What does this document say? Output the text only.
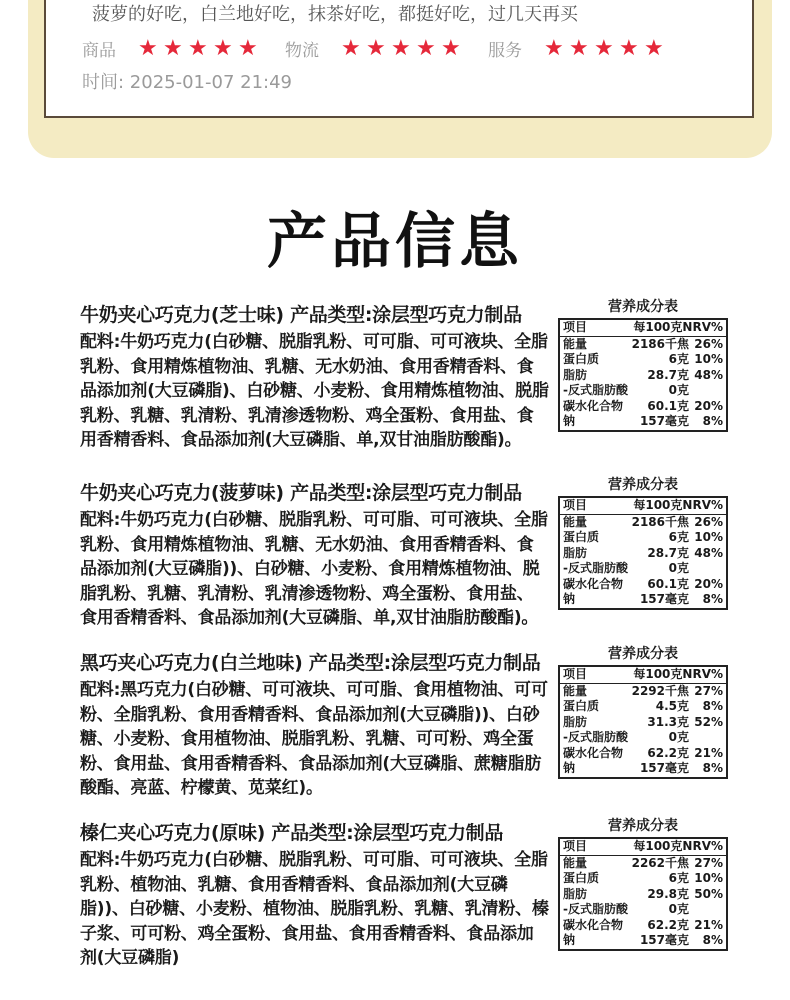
菠萝的好吃，白兰地好吃，抹茶好吃，都挺好吃，过几天再买
商品 ★ ★ ★ ★ ★	物流 ★ ★ ★ ★ ★	服务 ★ ★ ★ ★ ★
时间: 2025-01-07 21:49
产品信息
牛奶夹心巧克力(芝士味) 产品类型:涂层型巧克力制品
配料:牛奶巧克力(白砂糖、脱脂乳粉、可可脂、可可液块、全脂乳粉、食用精炼植物油、乳糖、无水奶油、食用香精香料、食品添加剂(大豆磷脂)、白砂糖、小麦粉、食用精炼植物油、脱脂乳粉、乳糖、乳清粉、乳清渗透物粉、鸡全蛋粉、食用盐、食用香精香料、食品添加剂(大豆磷脂、单,双甘油脂肪酸酯)。
牛奶夹心巧克力(菠萝味) 产品类型:涂层型巧克力制品
配料:牛奶巧克力(白砂糖、脱脂乳粉、可可脂、可可液块、全脂乳粉、食用精炼植物油、乳糖、无水奶油、食用香精香料、食品添加剂(大豆磷脂))、白砂糖、小麦粉、食用精炼植物油、脱脂乳粉、乳糖、乳清粉、乳清渗透物粉、鸡全蛋粉、食用盐、食用香精香料、食品添加剂(大豆磷脂、单,双甘油脂肪酸酯)。
黑巧夹心巧克力(白兰地味) 产品类型:涂层型巧克力制品
配料:黑巧克力(白砂糖、可可液块、可可脂、食用植物油、可可粉、全脂乳粉、食用香精香料、食品添加剂(大豆磷脂))、白砂糖、小麦粉、食用植物油、脱脂乳粉、乳糖、可可粉、鸡全蛋粉、食用盐、食用香精香料、食品添加剂(大豆磷脂、蔗糖脂肪酸酯、亮蓝、柠檬黄、苋菜红)。
榛仁夹心巧克力(原味) 产品类型:涂层型巧克力制品
配料:牛奶巧克力(白砂糖、脱脂乳粉、可可脂、可可液块、全脂乳粉、植物油、乳糖、食用香精香料、食品添加剂(大豆磷脂))、白砂糖、小麦粉、植物油、脱脂乳粉、乳糖、乳清粉、榛子浆、可可粉、鸡全蛋粉、食用盐、食用香精香料、食品添加剂(大豆磷脂)
营养成分表
项目	每100克 NRV%
能量	2186千焦 26%
蛋白质	6克 10%
脂肪	28.7克 48%
-反式脂肪酸	0克
碳水化合物	60.1克 20%
钠	157毫克	8%
营养成分表
项目	每100克 NRV%
能量	2186千焦 26%
蛋白质	6克 10%
脂肪	28.7克 48%
-反式脂肪酸	0克
碳水化合物	60.1克 20%
钠	157毫克	8%
营养成分表
项目	每100克 NRV%
能量	2292千焦 27%
蛋白质	4.5克	8%
脂肪	31.3克 52%
-反式脂肪酸	0克
碳水化合物	62.2克 21%
钠	157毫克	8%
营养成分表
项目	每100克 NRV%
能量	2262千焦 27%
蛋白质	6克 10%
脂肪	29.8克 50%
-反式脂肪酸	0克
碳水化合物	62.2克 21%
钠	157毫克	8%
